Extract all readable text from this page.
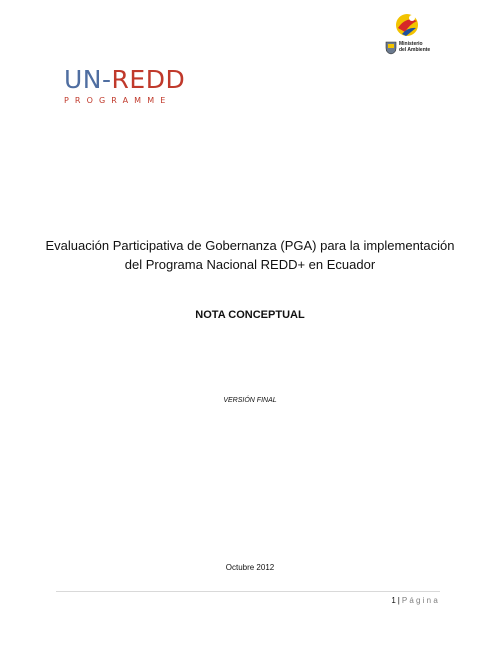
Ministerio
del Ambiente
UN-REDD
PROGRAMME
Evaluación Participativa de Gobernanza (PGA) para la implementación
del Programa Nacional REDD+ en Ecuador
NOTA CONCEPTUAL
VERSIÓN FINAL
Octubre 2012
1 | Página
